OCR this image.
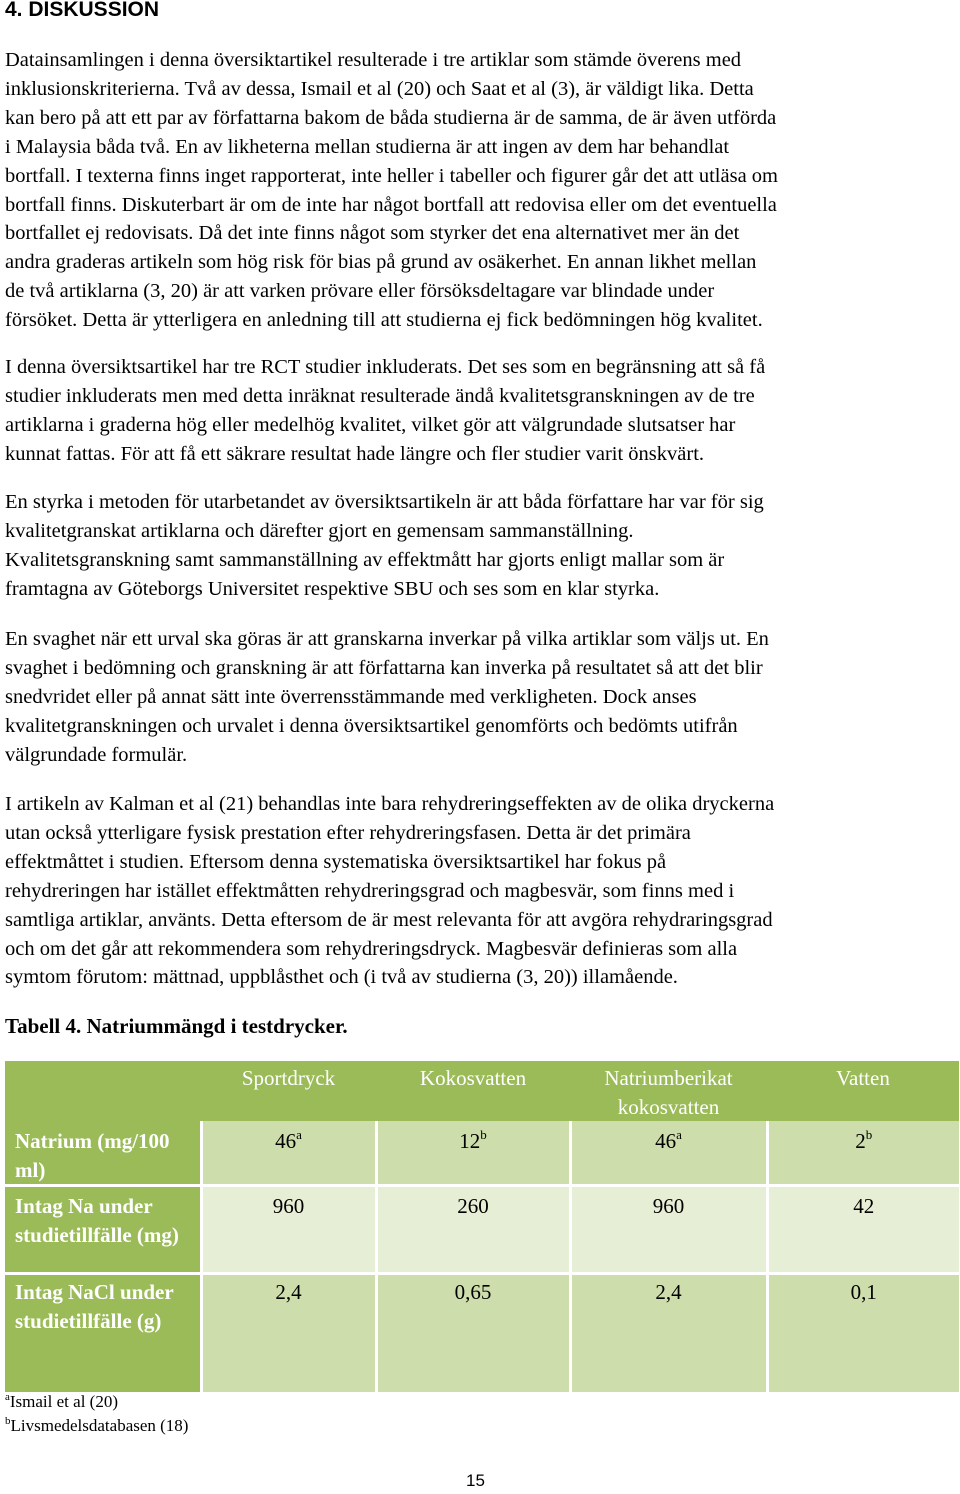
4. DISKUSSION

Datainsamlingen i denna översiktartikel resulterade i tre artiklar som stämde överens med
inklusionskriterierna. Två av dessa, Ismail et al (20) och Saat et al (3), är väldigt lika. Detta
kan bero på att ett par av författarna bakom de båda studierna är de samma, de är även utförda
i Malaysia båda två. En av likheterna mellan studierna är att ingen av dem har behandlat
bortfall. I texterna finns inget rapporterat, inte heller i tabeller och figurer går det att utläsa om
bortfall finns. Diskuterbart är om de inte har något bortfall att redovisa eller om det eventuella
bortfallet ej redovisats. Då det inte finns något som styrker det ena alternativet mer än det
andra graderas artikeln som hög risk för bias på grund av osäkerhet. En annan likhet mellan
de två artiklarna (3, 20) är att varken prövare eller försöksdeltagare var blindade under
försöket. Detta är ytterligera en anledning till att studierna ej fick bedömningen hög kvalitet.

I denna översiktsartikel har tre RCT studier inkluderats. Det ses som en begränsning att så få
studier inkluderats men med detta inräknat resulterade ändå kvalitetsgranskningen av de tre
artiklarna i graderna hög eller medelhög kvalitet, vilket gör att välgrundade slutsatser har
kunnat fattas. För att få ett säkrare resultat hade längre och fler studier varit önskvärt.

En styrka i metoden för utarbetandet av översiktsartikeln är att båda författare har var för sig
kvalitetgranskat artiklarna och därefter gjort en gemensam sammanställning.
Kvalitetsgranskning samt sammanställning av effektmått har gjorts enligt mallar som är
framtagna av Göteborgs Universitet respektive SBU och ses som en klar styrka.

En svaghet när ett urval ska göras är att granskarna inverkar på vilka artiklar som väljs ut. En
svaghet i bedömning och granskning är att författarna kan inverka på resultatet så att det blir
snedvridet eller på annat sätt inte överrensstämmande med verkligheten. Dock anses
kvalitetgranskningen och urvalet i denna översiktsartikel genomförts och bedömts utifrån
välgrundade formulär.

I artikeln av Kalman et al (21) behandlas inte bara rehydreringseffekten av de olika dryckerna
utan också ytterligare fysisk prestation efter rehydreringsfasen. Detta är det primära
effektmåttet i studien. Eftersom denna systematiska översiktsartikel har fokus på
rehydreringen har istället effektmåtten rehydreringsgrad och magbesvär, som finns med i
samtliga artiklar, använts. Detta eftersom de är mest relevanta för att avgöra rehydraringsgrad
och om det går att rekommendera som rehydreringsdryck. Magbesvär definieras som alla
symtom förutom: mättnad, uppblåsthet och (i två av studierna (3, 20)) illamående.

Tabell 4. Natriummängd i testdrycker.

	Sportdryck	Kokosvatten	Natriumberikat kokosvatten	Vatten
Natrium (mg/100 ml)	46$^a$	12$^b$	46$^a$	2$^b$
Intag Na under studietillfälle (mg)	960	260	960	42
Intag NaCl under studietillfälle (g)	2,4	0,65	2,4	0,1
$^a$Ismail et al (20)
$^b$Livsmedelsdatabasen (18)
15
